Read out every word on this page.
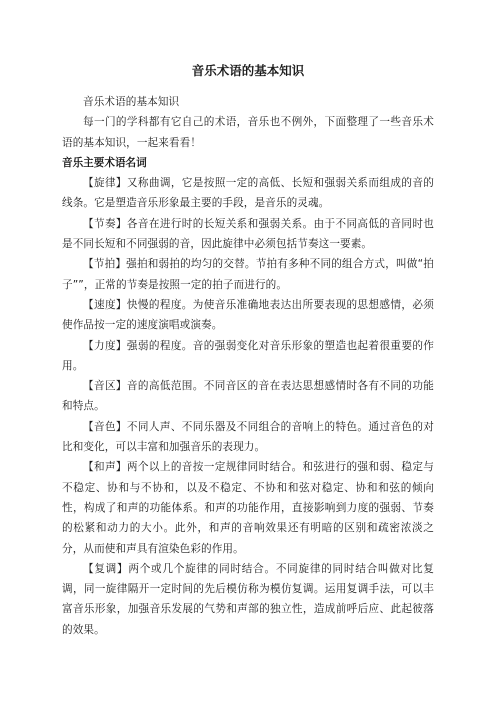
音乐术语的基本知识

音乐术语的基本知识

每一门的学科都有它自己的术语，音乐也不例外，下面整理了一些音乐术语的基本知识，一起来看看！

音乐主要术语名词

【旋律】又称曲调，它是按照一定的高低、长短和强弱关系而组成的音的线条。它是塑造音乐形象最主要的手段，是音乐的灵魂。

【节奏】各音在进行时的长短关系和强弱关系。由于不同高低的音同时也是不同长短和不同强弱的音，因此旋律中必须包括节奏这一要素。

【节拍】强拍和弱拍的均匀的交替。节拍有多种不同的组合方式，叫做“拍子””，正常的节奏是按照一定的拍子而进行的。

【速度】快慢的程度。为使音乐准确地表达出所要表现的思想感情，必须使作品按一定的速度演唱或演奏。

【力度】强弱的程度。音的强弱变化对音乐形象的塑造也起着很重要的作用。

【音区】音的高低范围。不同音区的音在表达思想感情时各有不同的功能和特点。

【音色】不同人声、不同乐器及不同组合的音响上的特色。通过音色的对比和变化，可以丰富和加强音乐的表现力。

【和声】两个以上的音按一定规律同时结合。和弦进行的强和弱、稳定与不稳定、协和与不协和，以及不稳定、不协和和弦对稳定、协和和弦的倾向性，构成了和声的功能体系。和声的功能作用，直接影响到力度的强弱、节奏的松紧和动力的大小。此外，和声的音响效果还有明暗的区别和疏密浓淡之分，从而使和声具有渲染色彩的作用。

【复调】两个或几个旋律的同时结合。不同旋律的同时结合叫做对比复调，同一旋律隔开一定时间的先后模仿称为模仿复调。运用复调手法，可以丰富音乐形象，加强音乐发展的气势和声部的独立性，造成前呼后应、此起彼落的效果。
